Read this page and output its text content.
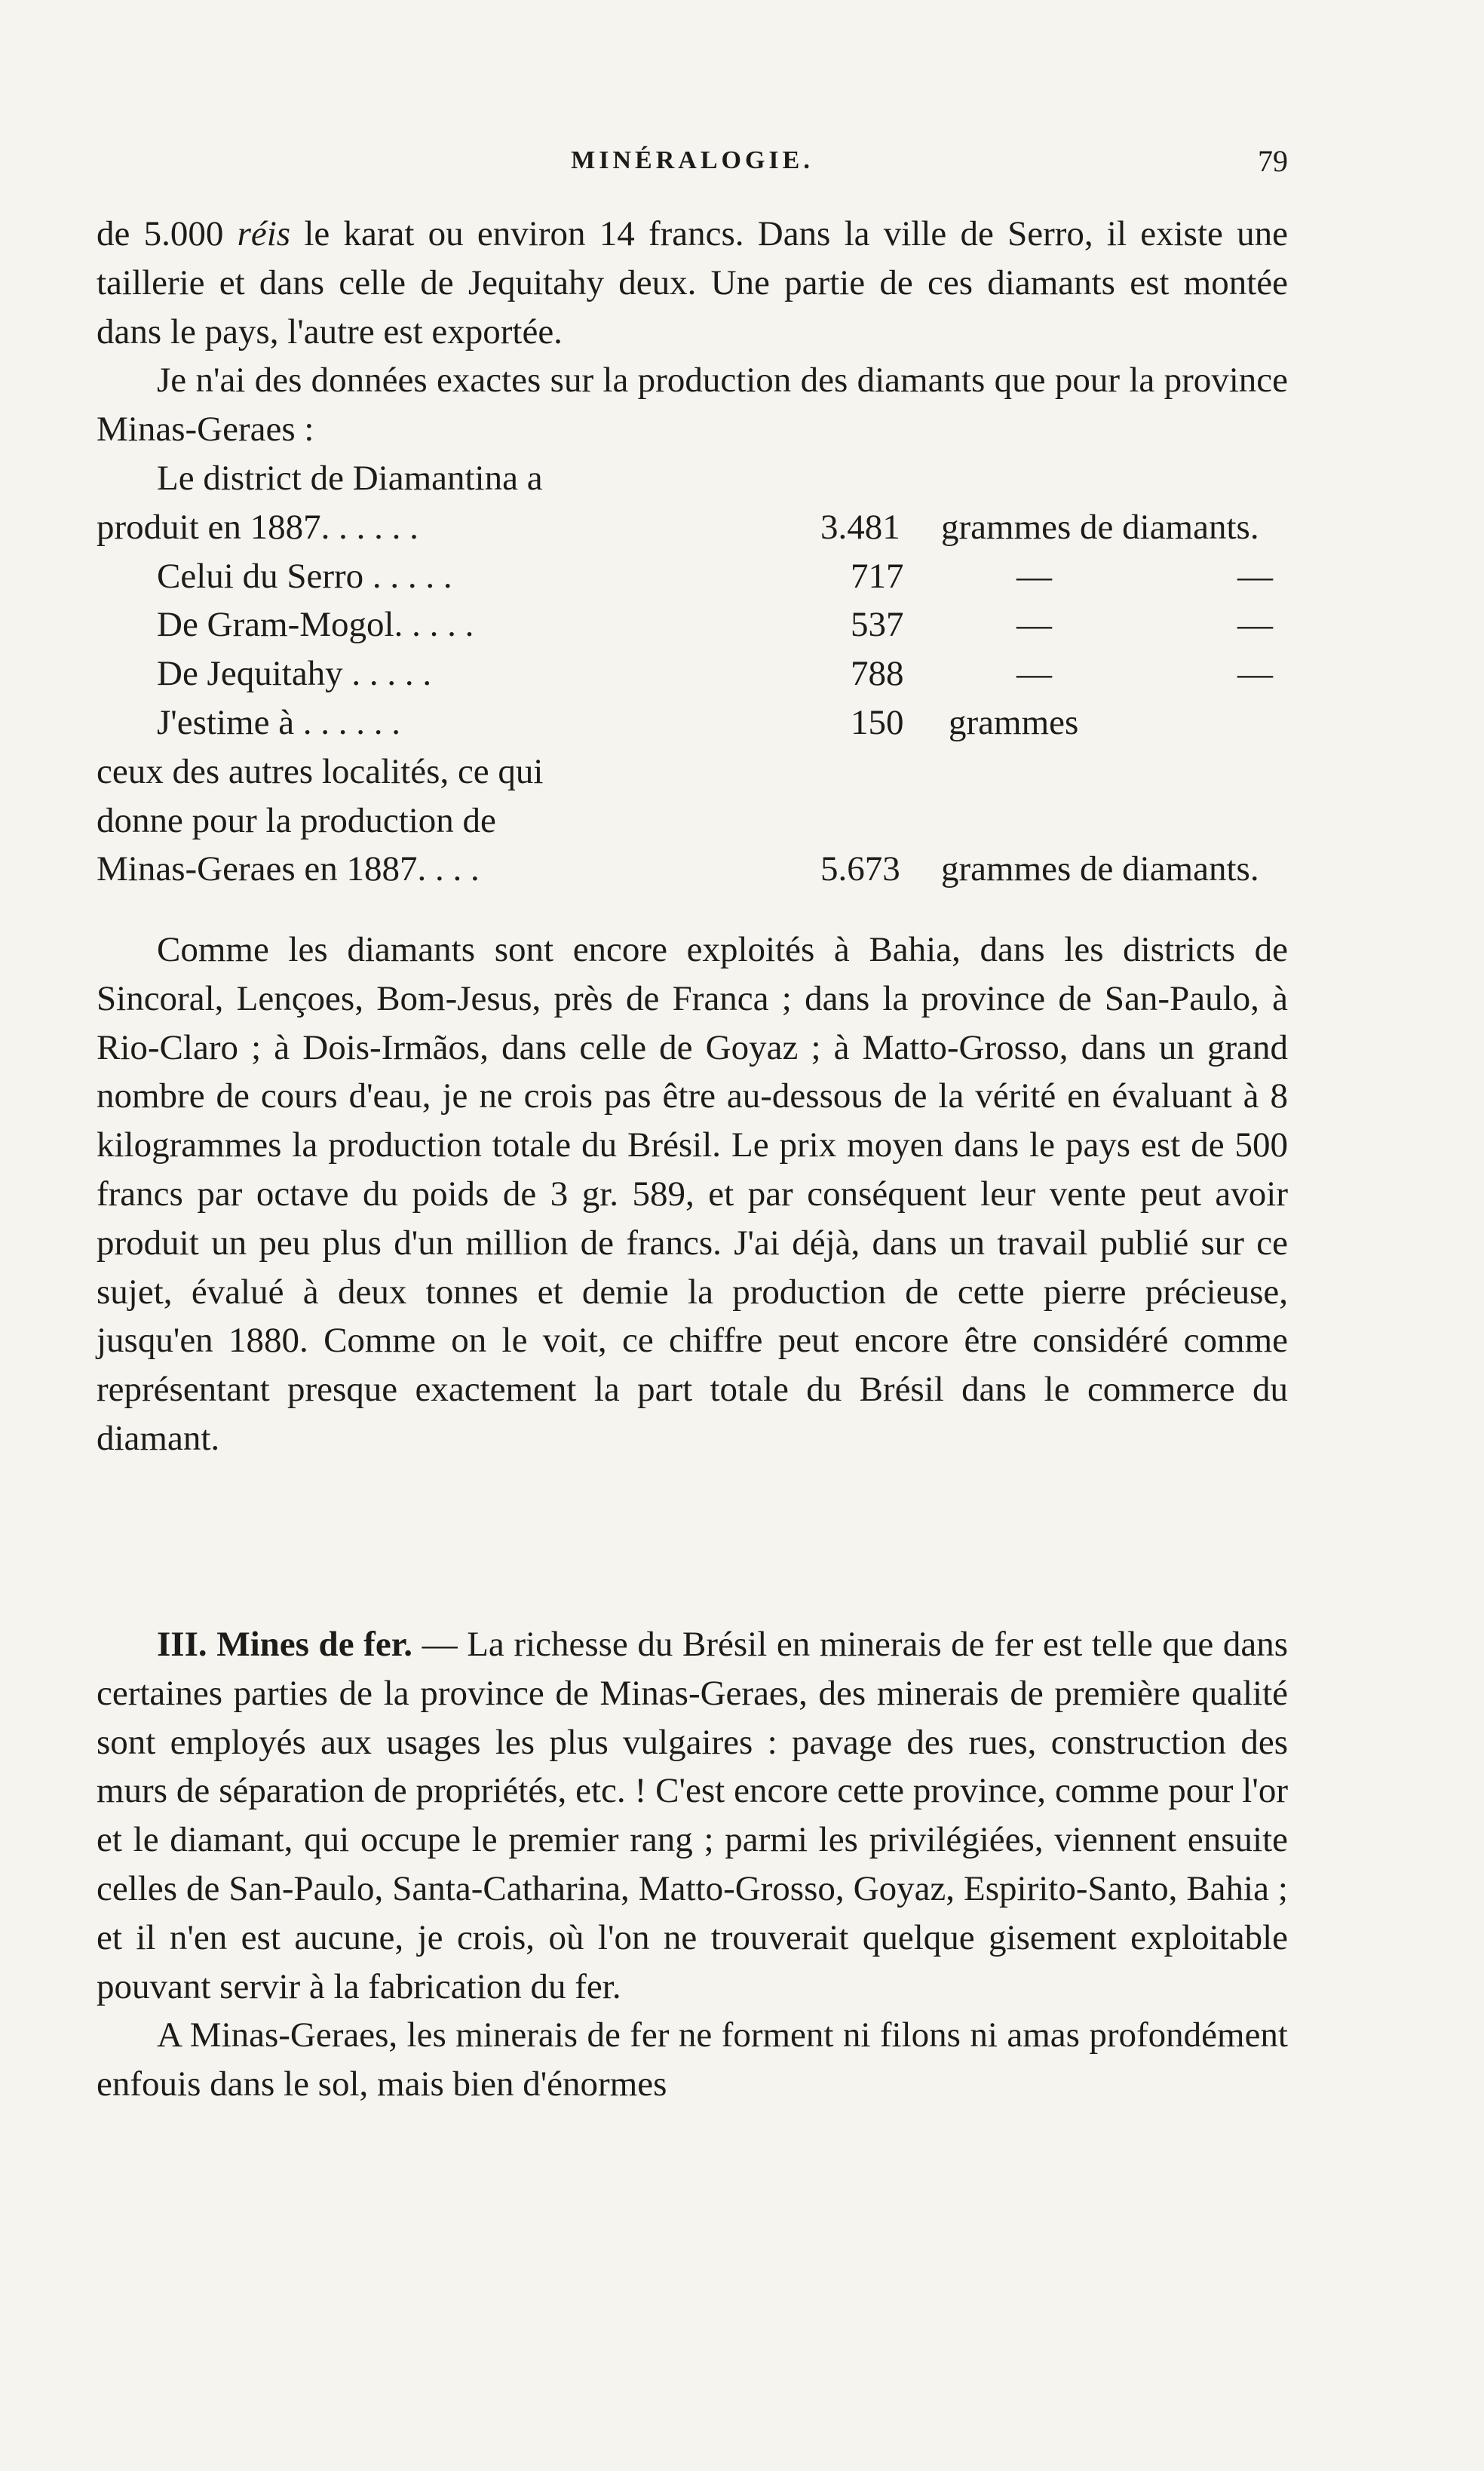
MINÉRALOGIE.	79

de 5.000 réis le karat ou environ 14 francs. Dans la ville de Serro, il existe une taillerie et dans celle de Jequitahy deux. Une partie de ces diamants est montée dans le pays, l'autre est exportée.

Je n'ai des données exactes sur la production des diamants que pour la province Minas-Geraes :

Le district de Diamantina a
produit en 1887. . . . . .	3.481 grammes de diamants.
Celui du Serro . . . . .	717	—	—
De Gram-Mogol. . . . .	537	—	—
De Jequitahy . . . . .	788	—	—
J'estime à . . . . . .	150 grammes
ceux des autres localités, ce qui
donne pour la production de
Minas-Geraes en 1887. . . .	5.673 grammes de diamants.

Comme les diamants sont encore exploités à Bahia, dans les districts de Sincoral, Lençoes, Bom-Jesus, près de Franca ; dans la province de San-Paulo, à Rio-Claro ; à Dois-Irmãos, dans celle de Goyaz ; à Matto-Grosso, dans un grand nombre de cours d'eau, je ne crois pas être au-dessous de la vérité en évaluant à 8 kilogrammes la production totale du Brésil. Le prix moyen dans le pays est de 500 francs par octave du poids de 3 gr. 589, et par conséquent leur vente peut avoir produit un peu plus d'un million de francs. J'ai déjà, dans un travail publié sur ce sujet, évalué à deux tonnes et demie la production de cette pierre précieuse, jusqu'en 1880. Comme on le voit, ce chiffre peut encore être considéré comme représentant presque exactement la part totale du Brésil dans le commerce du diamant.

III. Mines de fer. — La richesse du Brésil en minerais de fer est telle que dans certaines parties de la province de Minas-Geraes, des minerais de première qualité sont employés aux usages les plus vulgaires : pavage des rues, construction des murs de séparation de propriétés, etc. ! C'est encore cette province, comme pour l'or et le diamant, qui occupe le premier rang ; parmi les privilégiées, viennent ensuite celles de San-Paulo, Santa-Catharina, Matto-Grosso, Goyaz, Espirito-Santo, Bahia ; et il n'en est aucune, je crois, où l'on ne trouverait quelque gisement exploitable pouvant servir à la fabrication du fer.

A Minas-Geraes, les minerais de fer ne forment ni filons ni amas profondément enfouis dans le sol, mais bien d'énormes
